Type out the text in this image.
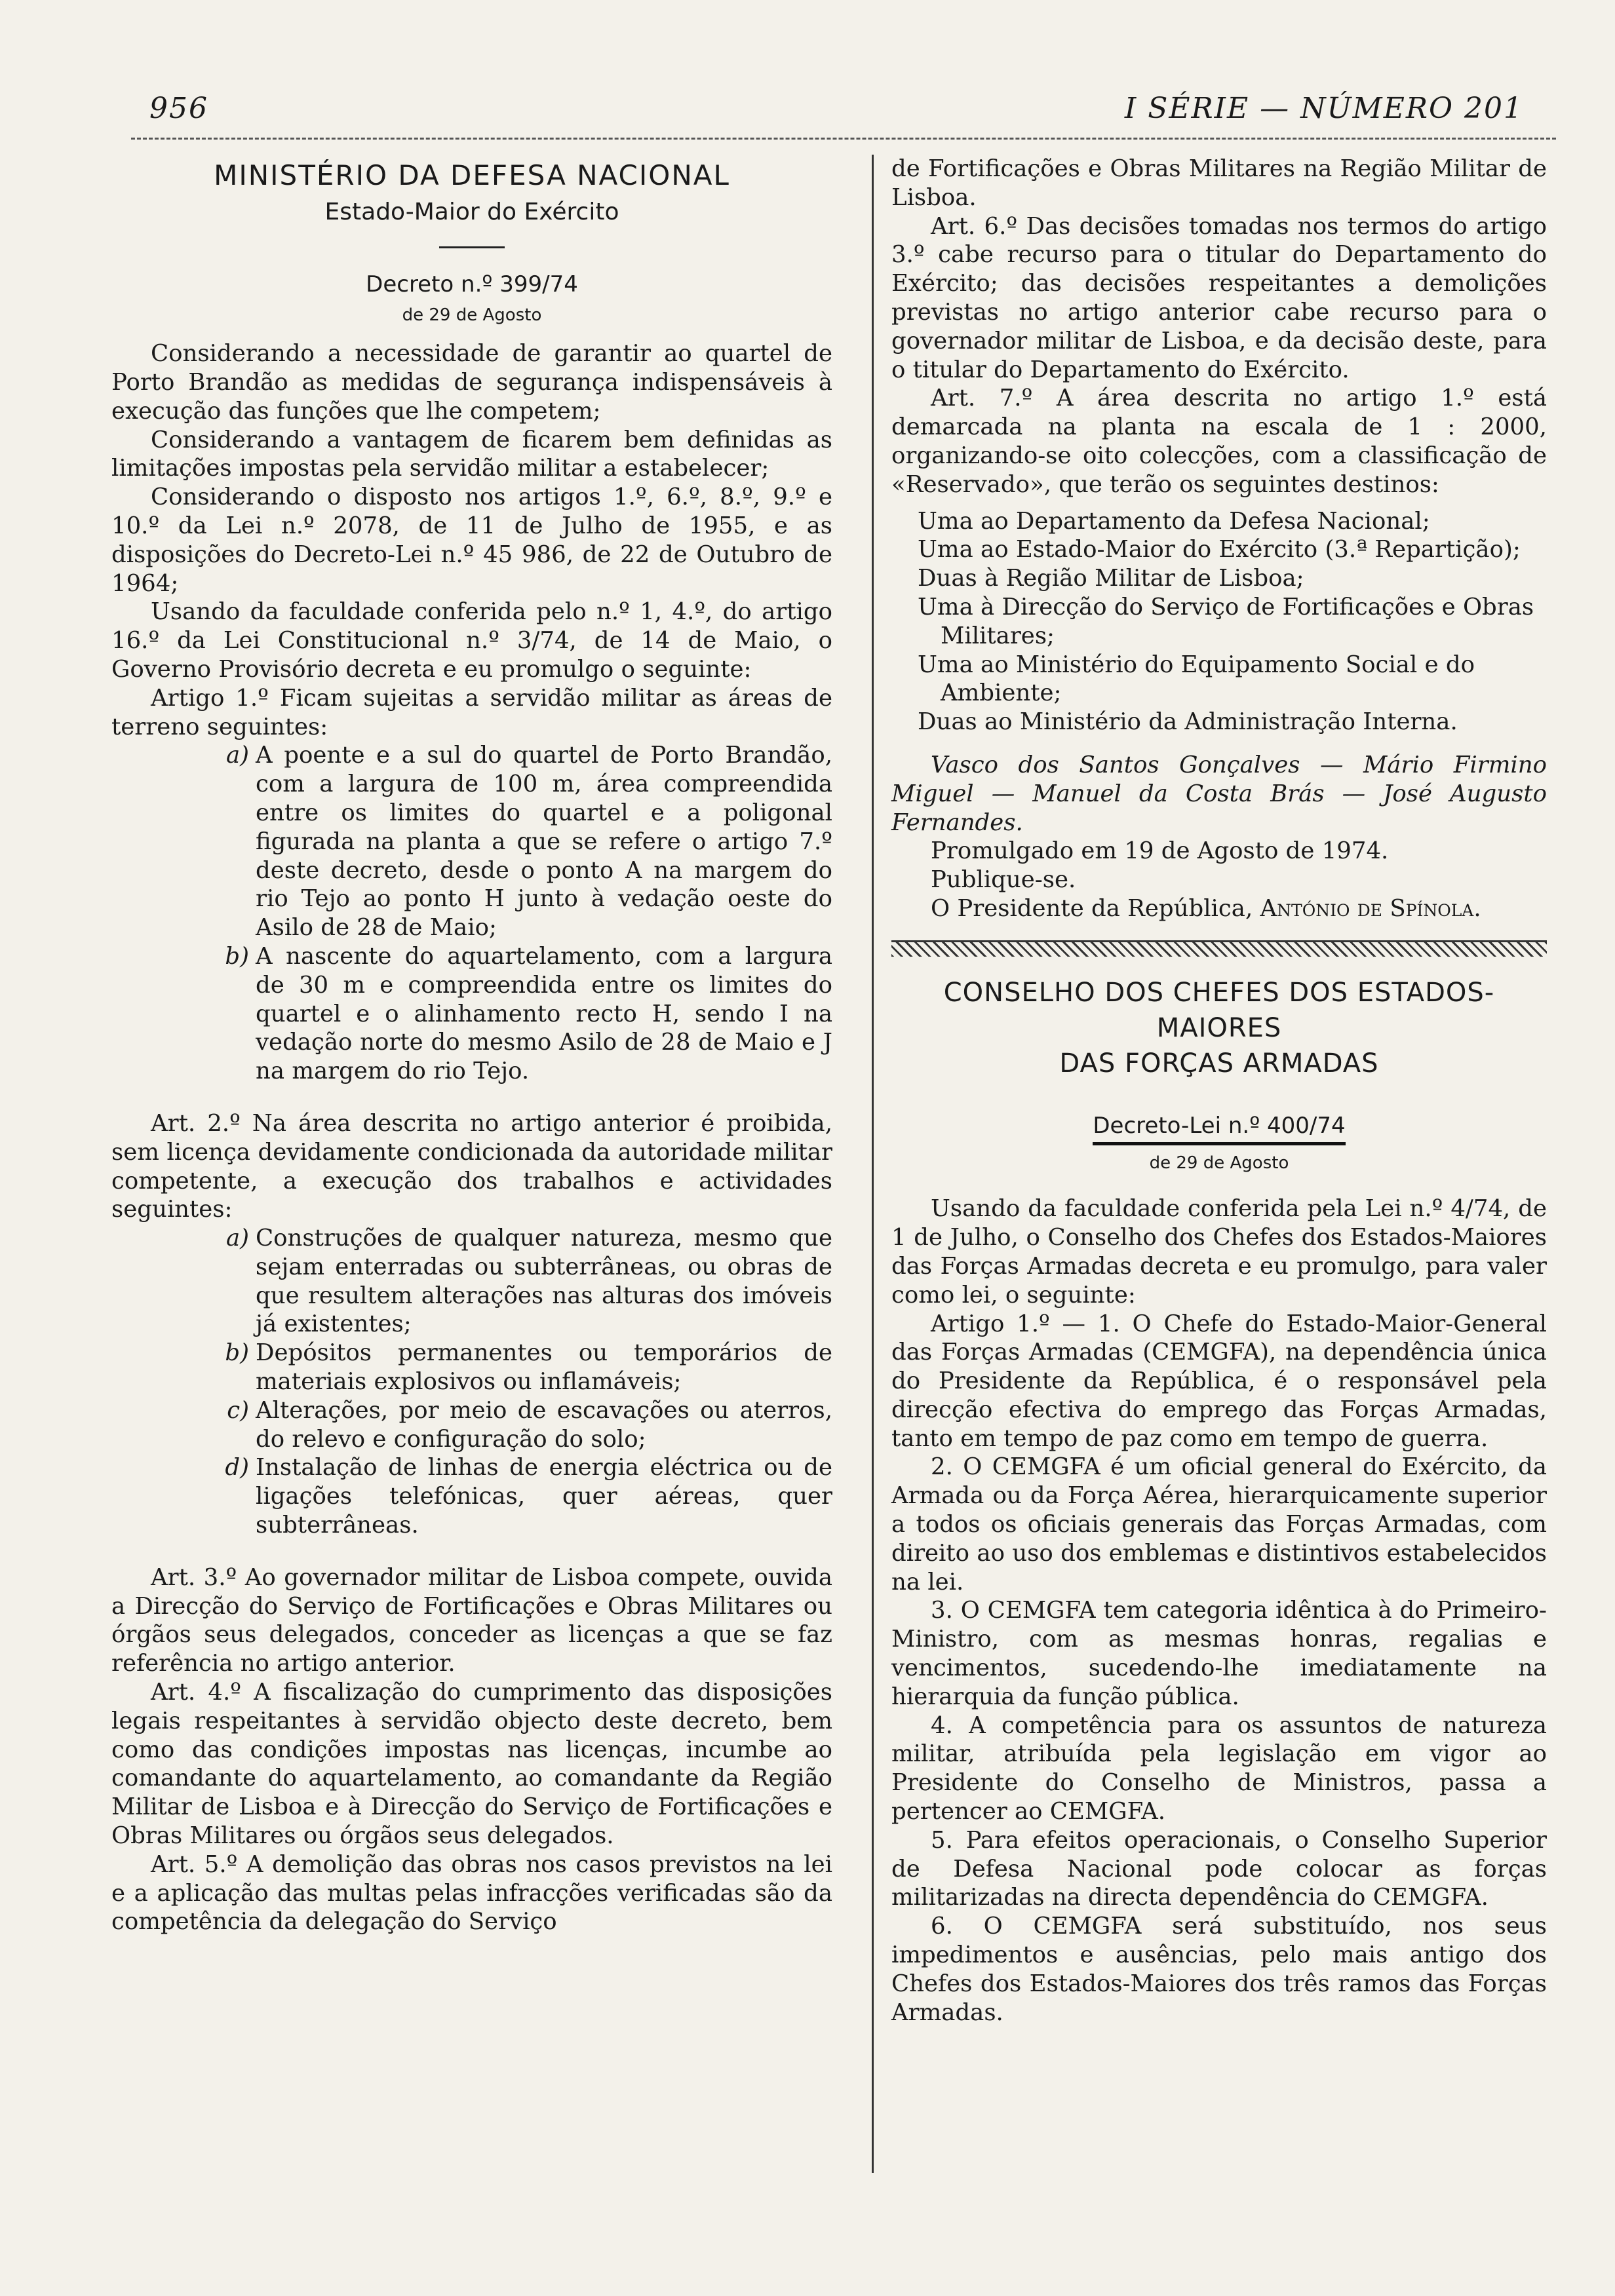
956	I SÉRIE — NÚMERO 201

MINISTÉRIO DA DEFESA NACIONAL

Estado-Maior do Exército

Decreto n.º 399/74

de 29 de Agosto

Considerando a necessidade de garantir ao quartel de Porto Brandão as medidas de segurança indispensáveis à execução das funções que lhe competem;

Considerando a vantagem de ficarem bem definidas as limitações impostas pela servidão militar a estabelecer;

Considerando o disposto nos artigos 1.º, 6.º, 8.º, 9.º e 10.º da Lei n.º 2078, de 11 de Julho de 1955, e as disposições do Decreto-Lei n.º 45 986, de 22 de Outubro de 1964;

Usando da faculdade conferida pelo n.º 1, 4.º, do artigo 16.º da Lei Constitucional n.º 3/74, de 14 de Maio, o Governo Provisório decreta e eu promulgo o seguinte:

Artigo 1.º Ficam sujeitas a servidão militar as áreas de terreno seguintes:

a) A poente e a sul do quartel de Porto Brandão, com a largura de 100 m, área compreendida entre os limites do quartel e a poligonal figurada na planta a que se refere o artigo 7.º deste decreto, desde o ponto A na margem do rio Tejo ao ponto H junto à vedação oeste do Asilo de 28 de Maio;
b) A nascente do aquartelamento, com a largura de 30 m e compreendida entre os limites do quartel e o alinhamento recto H, sendo I na vedação norte do mesmo Asilo de 28 de Maio e J na margem do rio Tejo.

Art. 2.º Na área descrita no artigo anterior é proibida, sem licença devidamente condicionada da autoridade militar competente, a execução dos trabalhos e actividades seguintes:

a) Construções de qualquer natureza, mesmo que sejam enterradas ou subterrâneas, ou obras de que resultem alterações nas alturas dos imóveis já existentes;
b) Depósitos permanentes ou temporários de materiais explosivos ou inflamáveis;
c) Alterações, por meio de escavações ou aterros, do relevo e configuração do solo;
d) Instalação de linhas de energia eléctrica ou de ligações telefónicas, quer aéreas, quer subterrâneas.

Art. 3.º Ao governador militar de Lisboa compete, ouvida a Direcção do Serviço de Fortificações e Obras Militares ou órgãos seus delegados, conceder as licenças a que se faz referência no artigo anterior.

Art. 4.º A fiscalização do cumprimento das disposições legais respeitantes à servidão objecto deste decreto, bem como das condições impostas nas licenças, incumbe ao comandante do aquartelamento, ao comandante da Região Militar de Lisboa e à Direcção do Serviço de Fortificações e Obras Militares ou órgãos seus delegados.

Art. 5.º A demolição das obras nos casos previstos na lei e a aplicação das multas pelas infracções verificadas são da competência da delegação do Serviço

de Fortificações e Obras Militares na Região Militar de Lisboa.

Art. 6.º Das decisões tomadas nos termos do artigo 3.º cabe recurso para o titular do Departamento do Exército; das decisões respeitantes a demolições previstas no artigo anterior cabe recurso para o governador militar de Lisboa, e da decisão deste, para o titular do Departamento do Exército.

Art. 7.º A área descrita no artigo 1.º está demarcada na planta na escala de 1 : 2000, organizando-se oito colecções, com a classificação de «Reservado», que terão os seguintes destinos:

Uma ao Departamento da Defesa Nacional;

Uma ao Estado-Maior do Exército (3.ª Repartição);

Duas à Região Militar de Lisboa;

Uma à Direcção do Serviço de Fortificações e Obras Militares;

Uma ao Ministério do Equipamento Social e do Ambiente;

Duas ao Ministério da Administração Interna.

Vasco dos Santos Gonçalves — Mário Firmino Miguel — Manuel da Costa Brás — José Augusto Fernandes.

Promulgado em 19 de Agosto de 1974.

Publique-se.

O Presidente da República, António de Spínola.

CONSELHO DOS CHEFES DOS ESTADOS-MAIORES
DAS FORÇAS ARMADAS

Decreto-Lei n.º 400/74

de 29 de Agosto

Usando da faculdade conferida pela Lei n.º 4/74, de 1 de Julho, o Conselho dos Chefes dos Estados-Maiores das Forças Armadas decreta e eu promulgo, para valer como lei, o seguinte:

Artigo 1.º — 1. O Chefe do Estado-Maior-General das Forças Armadas (CEMGFA), na dependência única do Presidente da República, é o responsável pela direcção efectiva do emprego das Forças Armadas, tanto em tempo de paz como em tempo de guerra.

2. O CEMGFA é um oficial general do Exército, da Armada ou da Força Aérea, hierarquicamente superior a todos os oficiais generais das Forças Armadas, com direito ao uso dos emblemas e distintivos estabelecidos na lei.

3. O CEMGFA tem categoria idêntica à do Primeiro-Ministro, com as mesmas honras, regalias e vencimentos, sucedendo-lhe imediatamente na hierarquia da função pública.

4. A competência para os assuntos de natureza militar, atribuída pela legislação em vigor ao Presidente do Conselho de Ministros, passa a pertencer ao CEMGFA.

5. Para efeitos operacionais, o Conselho Superior de Defesa Nacional pode colocar as forças militarizadas na directa dependência do CEMGFA.

6. O CEMGFA será substituído, nos seus impedimentos e ausências, pelo mais antigo dos Chefes dos Estados-Maiores dos três ramos das Forças Armadas.
